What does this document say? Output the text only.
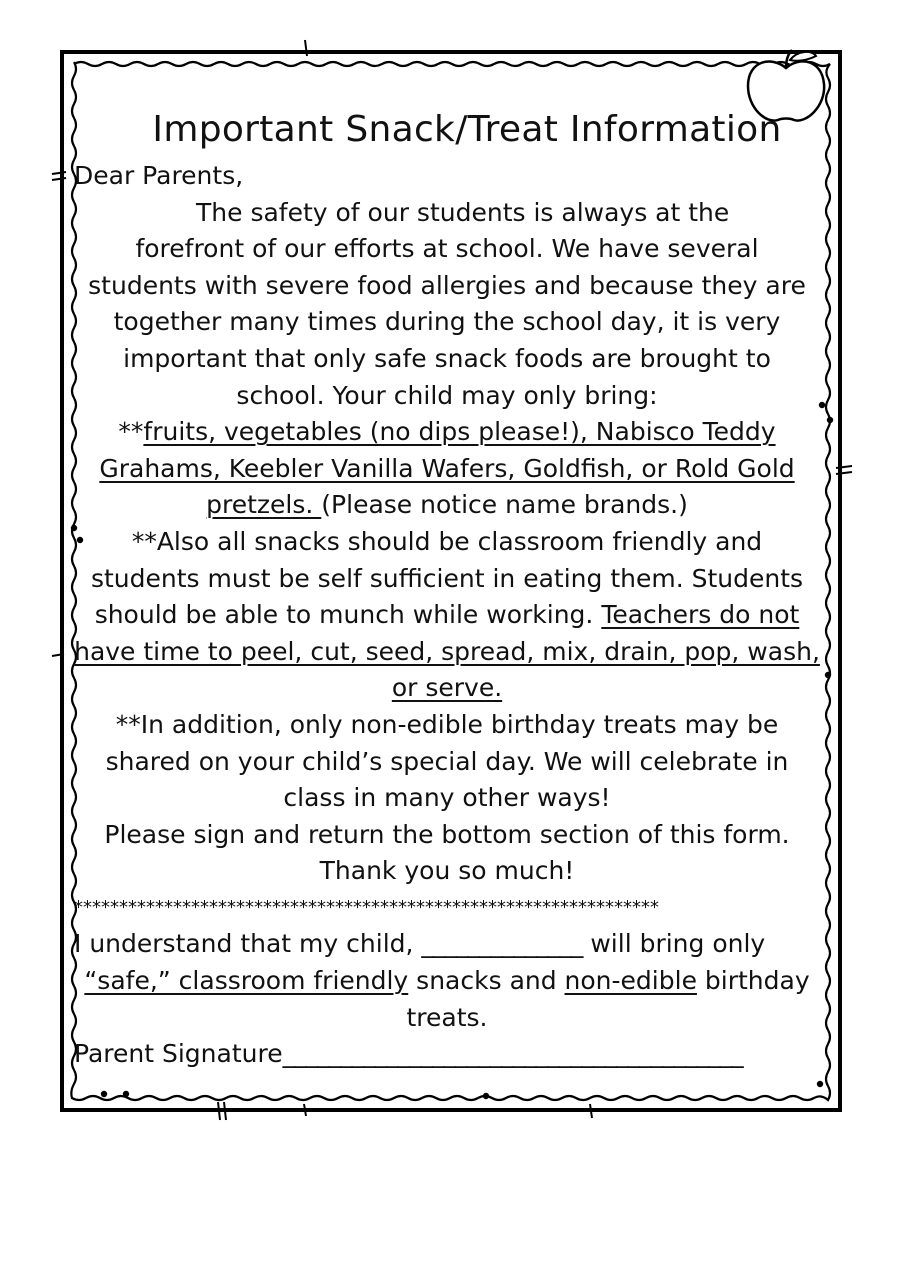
Important Snack/Treat Information
Dear Parents,
The safety of our students is always at the
forefront of our efforts at school. We have several
students with severe food allergies and because they are
together many times during the school day, it is very
important that only safe snack foods are brought to
school. Your child may only bring:
**fruits, vegetables (no dips please!), Nabisco Teddy
Grahams, Keebler Vanilla Wafers, Goldfish, or Rold Gold
pretzels. (Please notice name brands.)
**Also all snacks should be classroom friendly and
students must be self sufficient in eating them. Students
should be able to munch while working. Teachers do not
have time to peel, cut, seed, spread, mix, drain, pop, wash,
or serve.
**In addition, only non-edible birthday treats may be
shared on your child’s special day. We will celebrate in
class in many other ways!
Please sign and return the bottom section of this form.
Thank you so much!
*****************************************************************
I understand that my child, ______________ will bring only
“safe,” classroom friendly snacks and non-edible birthday
treats.
Parent Signature________________________________________
